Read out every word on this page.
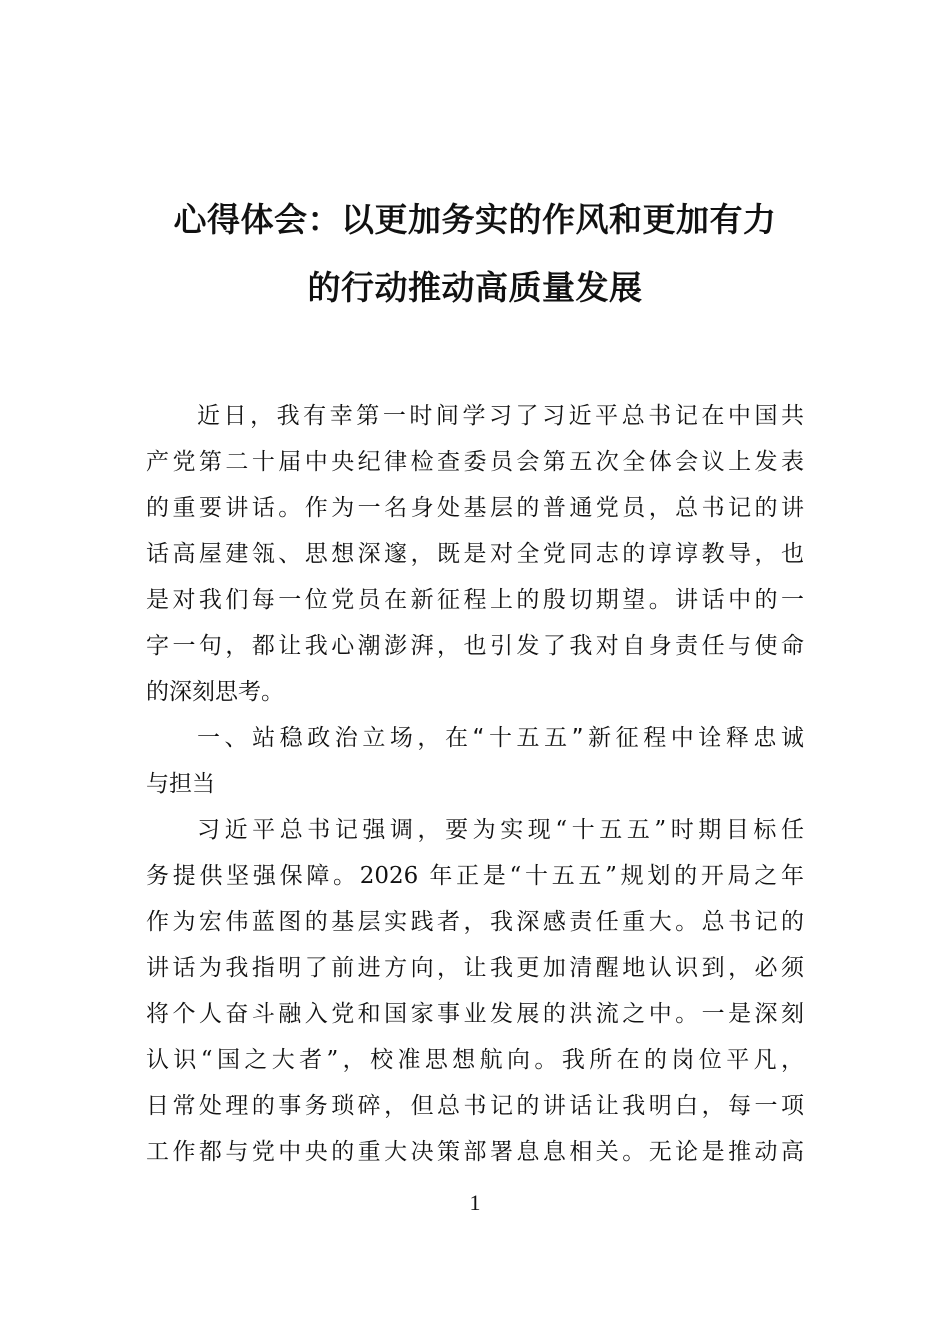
心得体会：以更加务实的作风和更加有力
的行动推动高质量发展
近日，我有幸第一时间学习了习近平总书记在中国共
产党第二十届中央纪律检查委员会第五次全体会议上发表
的重要讲话。作为一名身处基层的普通党员，总书记的讲
话高屋建瓴、思想深邃，既是对全党同志的谆谆教导，也
是对我们每一位党员在新征程上的殷切期望。讲话中的一
字一句，都让我心潮澎湃，也引发了我对自身责任与使命
的深刻思考。
一、站稳政治立场，在“十五五”新征程中诠释忠诚
与担当
习近平总书记强调，要为实现“十五五”时期目标任
务提供坚强保障。2026 年正是“十五五”规划的开局之年
作为宏伟蓝图的基层实践者，我深感责任重大。总书记的
讲话为我指明了前进方向，让我更加清醒地认识到，必须
将个人奋斗融入党和国家事业发展的洪流之中。一是深刻
认识“国之大者”，校准思想航向。我所在的岗位平凡，
日常处理的事务琐碎，但总书记的讲话让我明白，每一项
工作都与党中央的重大决策部署息息相关。无论是推动高
1
